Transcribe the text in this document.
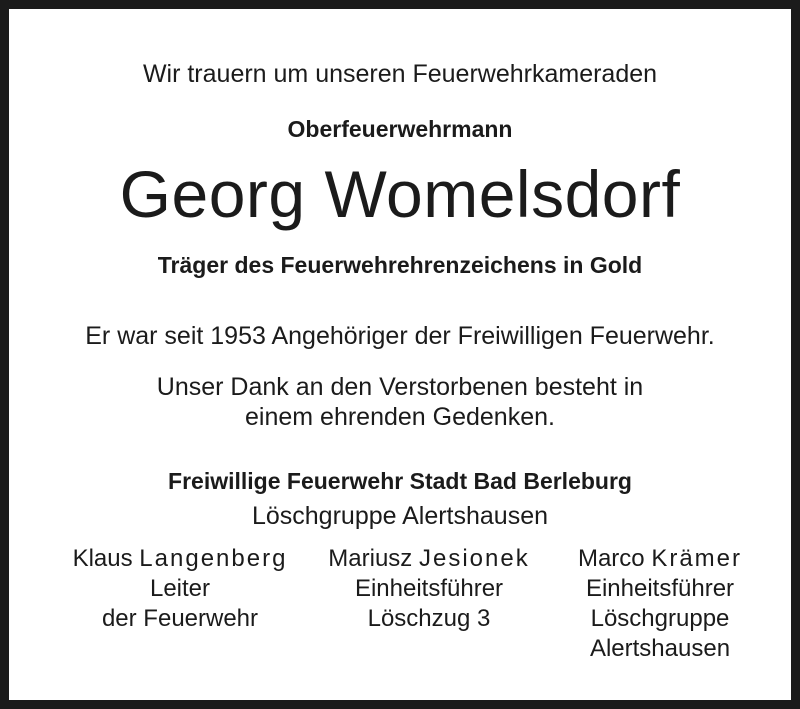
Wir trauern um unseren Feuerwehrkameraden
Oberfeuerwehrmann
Georg Womelsdorf
Träger des Feuerwehrehrenzeichens in Gold
Er war seit 1953 Angehöriger der Freiwilligen Feuerwehr.
Unser Dank an den Verstorbenen besteht in
einem ehrenden Gedenken.
Freiwillige Feuerwehr Stadt Bad Berleburg
Löschgruppe Alertshausen
Klaus Langenberg
Leiter
der Feuerwehr
Mariusz Jesionek
Einheitsführer
Löschzug 3
Marco Krämer
Einheitsführer
Löschgruppe
Alertshausen
